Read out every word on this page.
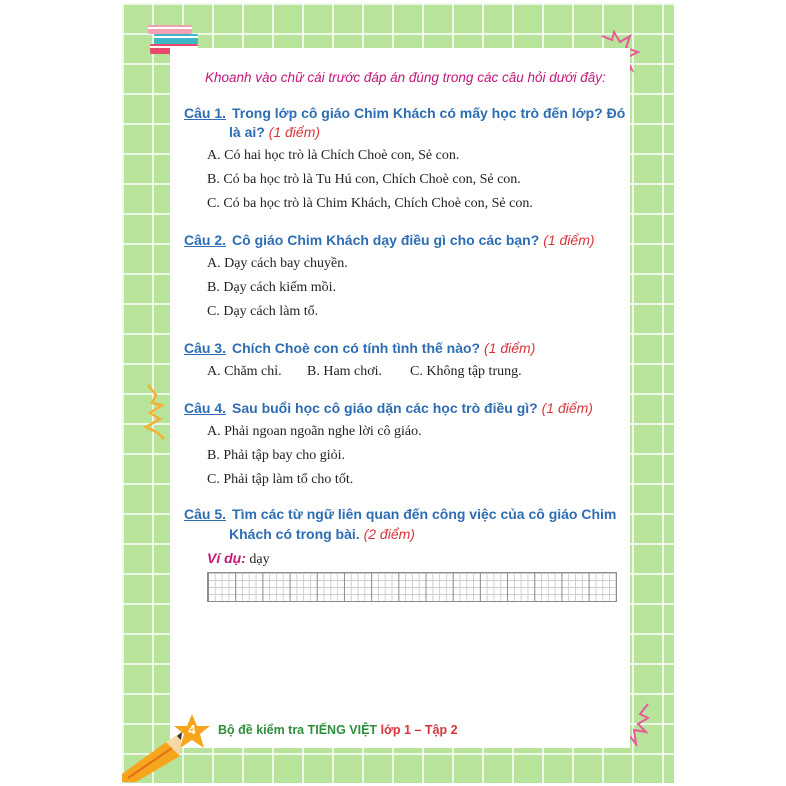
Khoanh vào chữ cái trước đáp án đúng trong các câu hỏi dưới đây:
Câu 1. Trong lớp cô giáo Chim Khách có mấy học trò đến lớp? Đó
là ai? (1 điểm)
A. Có hai học trò là Chích Choè con, Sẻ con.
B. Có ba học trò là Tu Hú con, Chích Choè con, Sẻ con.
C. Có ba học trò là Chim Khách, Chích Choè con, Sẻ con.
Câu 2. Cô giáo Chim Khách dạy điều gì cho các bạn? (1 điểm)
A. Dạy cách bay chuyền.
B. Dạy cách kiếm mồi.
C. Dạy cách làm tổ.
Câu 3. Chích Choè con có tính tình thế nào? (1 điểm)
A. Chăm chỉ. B. Ham chơi. C. Không tập trung.
Câu 4. Sau buổi học cô giáo dặn các học trò điều gì? (1 điểm)
A. Phải ngoan ngoãn nghe lời cô giáo.
B. Phải tập bay cho giỏi.
C. Phải tập làm tổ cho tốt.
Câu 5. Tìm các từ ngữ liên quan đến công việc của cô giáo Chim
Khách có trong bài. (2 điểm)
Ví dụ: dạy
4	Bộ đề kiểm tra TIẾNG VIỆT lớp 1 – Tập 2
